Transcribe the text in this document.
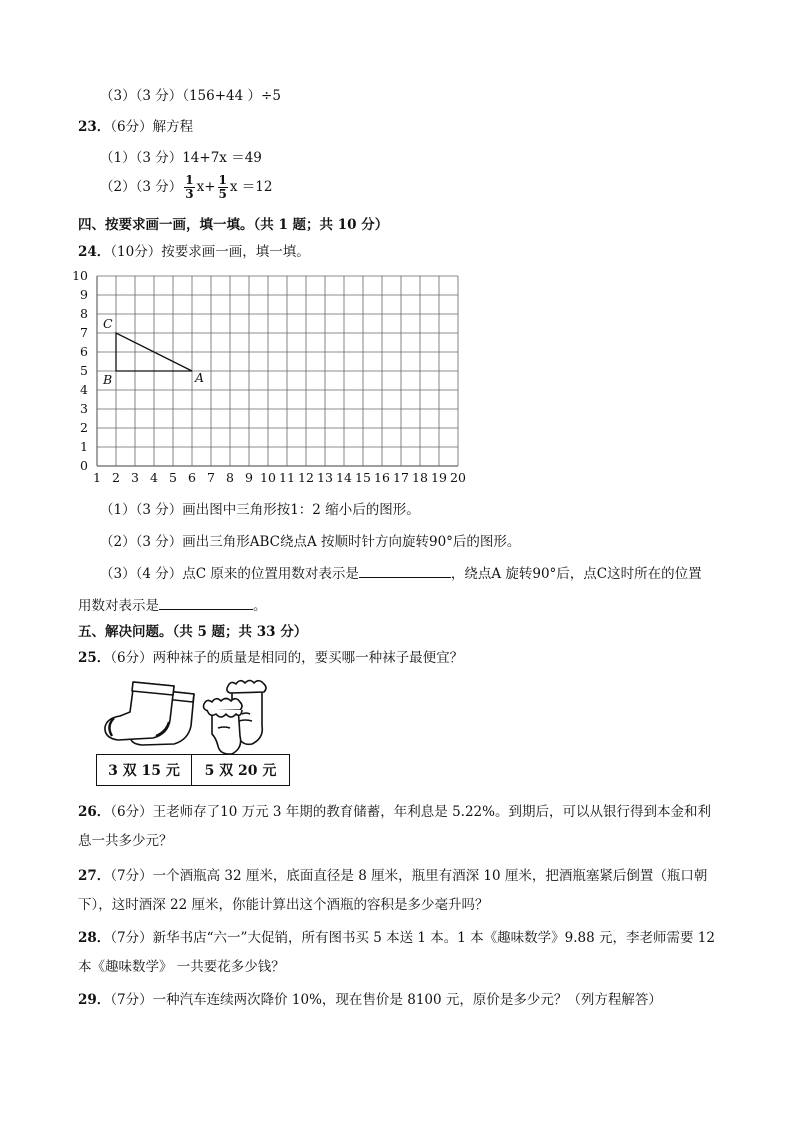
（3）（3 分）（156+44 ）÷5
23．（6分）解方程
（1）（3 分）14+7x ＝49
（2）（3 分） $\frac{1}{3} x+ \frac{1}{5}$ x ＝12
四、按要求画一画，填一填。（共 1 题；共 10 分）
24．（10分）按要求画一画，填一填。
0
1
2
3
4
5
6
7
8
9
10
1 2 3 4 5 6 7 8 9 10 11 12 13 14 15 16 17 18 19 20
C
B	A
（1）（3 分）画出图中三角形按1：2 缩小后的图形。
（2）（3 分）画出三角形ABC绕点A 按顺时针方向旋转90°后的图形。
（3）（4 分）点C 原来的位置用数对表示是	，绕点A 旋转90°后，点C这时所在的位置
用数对表示是	。
五、解决问题。（共 5 题；共 33 分）
25．（6分）两种袜子的质量是相同的，要买哪一种袜子最便宜？
3 双 15 元	5 双 20 元
26．（6分）王老师存了10 万元 3 年期的教育储蓄，年利息是 5.22%。到期后，可以从银行得到本金和利
息一共多少元？
27．（7分）一个酒瓶高 32 厘米，底面直径是 8 厘米，瓶里有酒深 10 厘米，把酒瓶塞紧后倒置（瓶口朝
下），这时酒深 22 厘米，你能计算出这个酒瓶的容积是多少毫升吗？
28．（7分）新华书店“六一”大促销，所有图书买 5 本送 1 本。1 本《趣味数学》9.88 元，李老师需要 12
本《趣味数学》 一共要花多少钱？
29．（7分）一种汽车连续两次降价 10%，现在售价是 8100 元，原价是多少元？（列方程解答）
